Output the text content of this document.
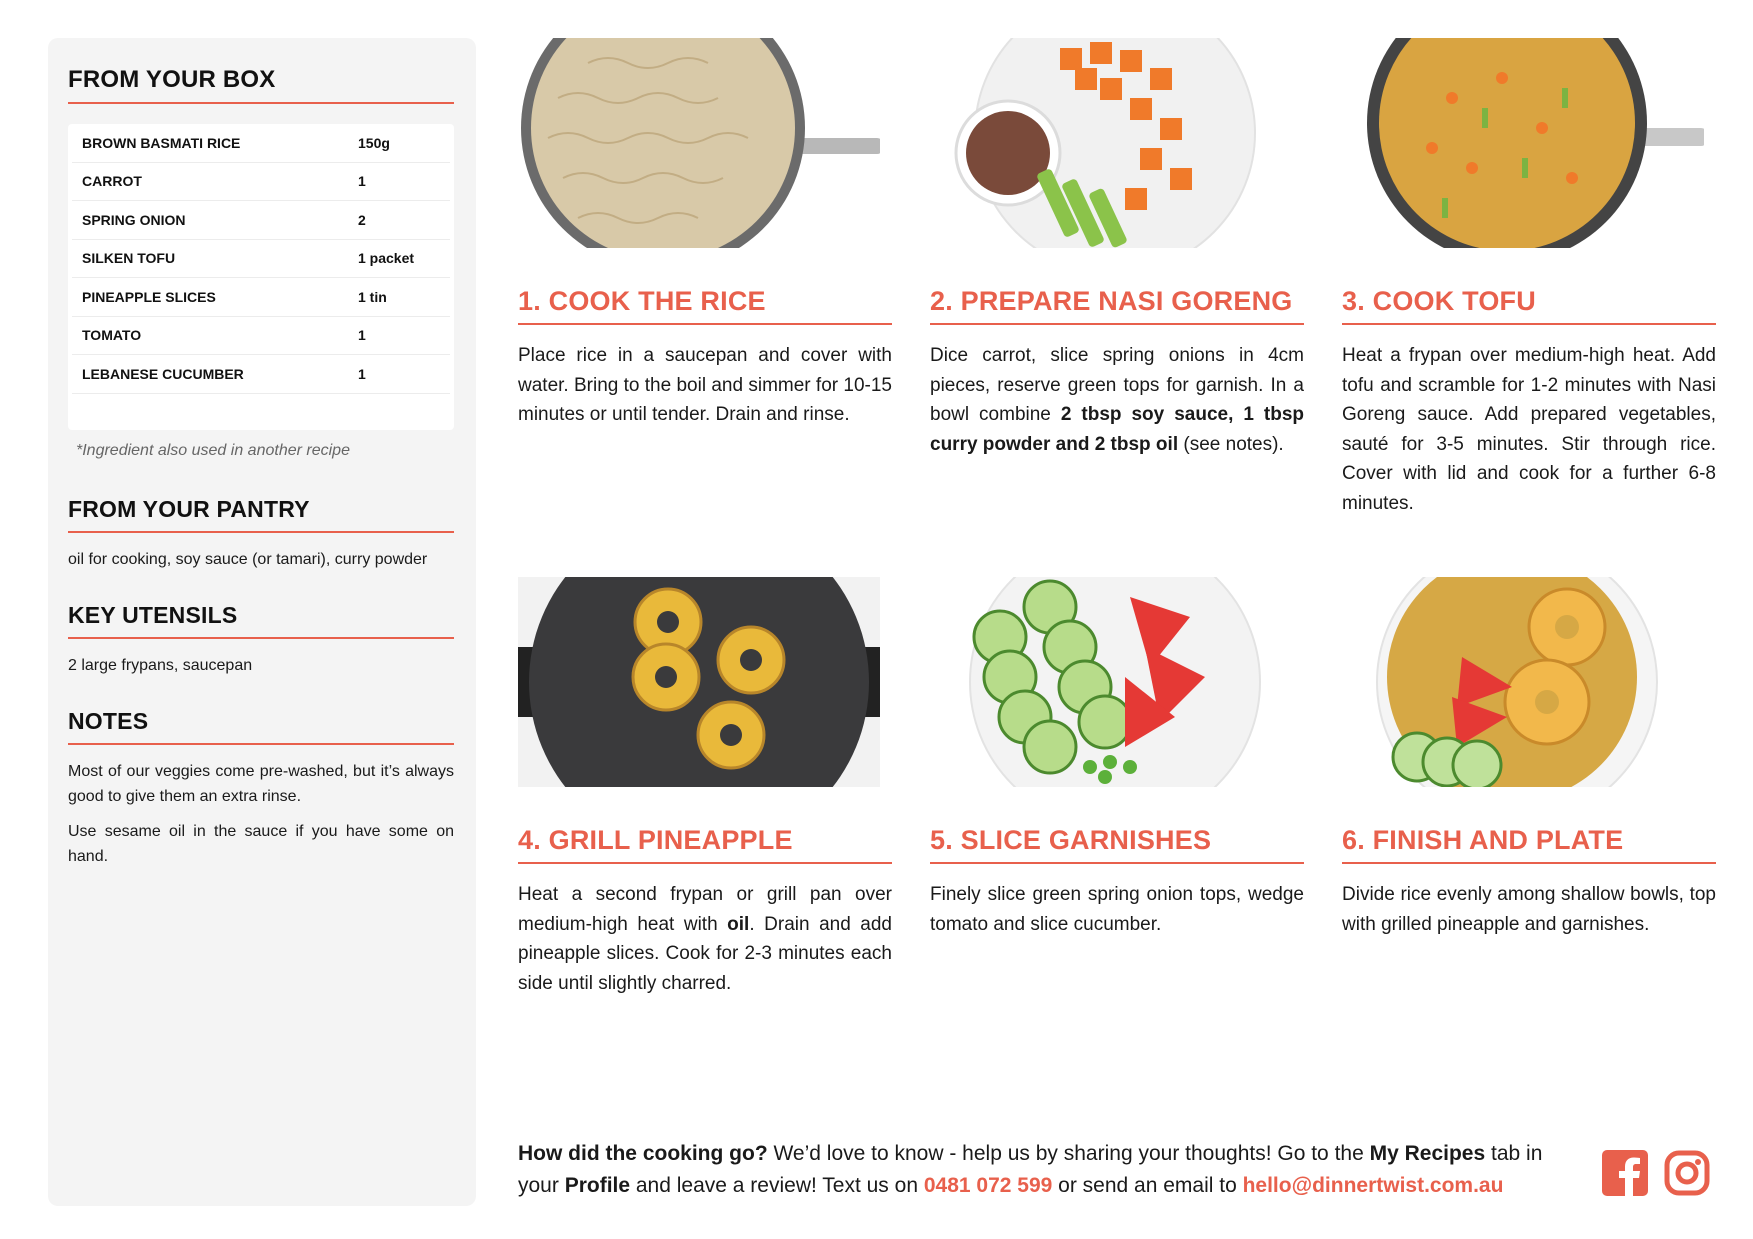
FROM YOUR BOX
BROWN BASMATI RICE	150g
CARROT	1
SPRING ONION	2
SILKEN TOFU	1 packet
PINEAPPLE SLICES	1 tin
TOMATO	1
LEBANESE CUCUMBER	1
*Ingredient also used in another recipe
FROM YOUR PANTRY
oil for cooking, soy sauce (or tamari), curry powder
KEY UTENSILS
2 large frypans, saucepan
NOTES
Most of our veggies come pre-washed, but it’s always good to give them an extra rinse.
Use sesame oil in the sauce if you have some on hand.
1. COOK THE RICE
Place rice in a saucepan and cover with water. Bring to the boil and simmer for 10-15 minutes or until tender. Drain and rinse.
2. PREPARE NASI GORENG
Dice carrot, slice spring onions in 4cm pieces, reserve green tops for garnish. In a bowl combine 2 tbsp soy sauce, 1 tbsp curry powder and 2 tbsp oil (see notes).
3. COOK TOFU
Heat a frypan over medium-high heat. Add tofu and scramble for 1-2 minutes with Nasi Goreng sauce. Add prepared vegetables, sauté for 3-5 minutes. Stir through rice. Cover with lid and cook for a further 6-8 minutes.
4. GRILL PINEAPPLE
Heat a second frypan or grill pan over medium-high heat with oil. Drain and add pineapple slices. Cook for 2-3 minutes each side until slightly charred.
5. SLICE GARNISHES
Finely slice green spring onion tops, wedge tomato and slice cucumber.
6. FINISH AND PLATE
Divide rice evenly among shallow bowls, top with grilled pineapple and garnishes.
How did the cooking go? We’d love to know - help us by sharing your thoughts! Go to the My Recipes tab in your Profile and leave a review! Text us on 0481 072 599 or send an email to hello@dinnertwist.com.au
